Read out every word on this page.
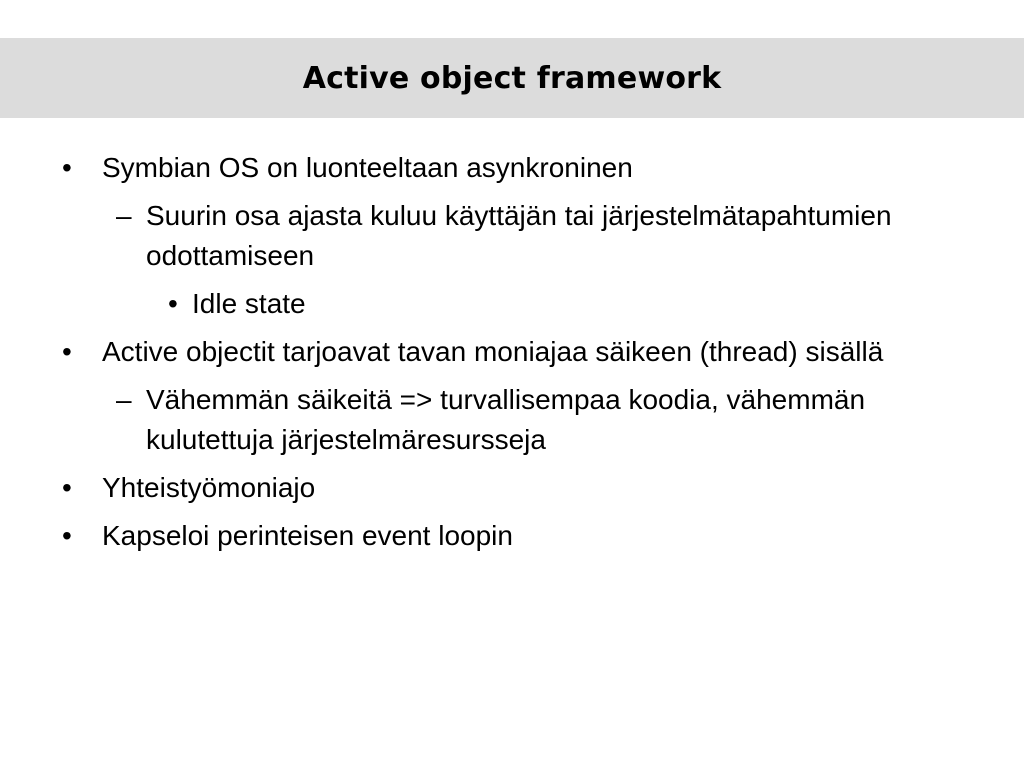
Active object framework
• Symbian OS on luonteeltaan asynkroninen
– Suurin osa ajasta kuluu käyttäjän tai järjestelmätapahtumien odottamiseen
• Idle state
• Active objectit tarjoavat tavan moniajaa säikeen (thread) sisällä
– Vähemmän säikeitä => turvallisempaa koodia, vähemmän kulutettuja järjestelmäresursseja
• Yhteistyömoniajo
• Kapseloi perinteisen event loopin
